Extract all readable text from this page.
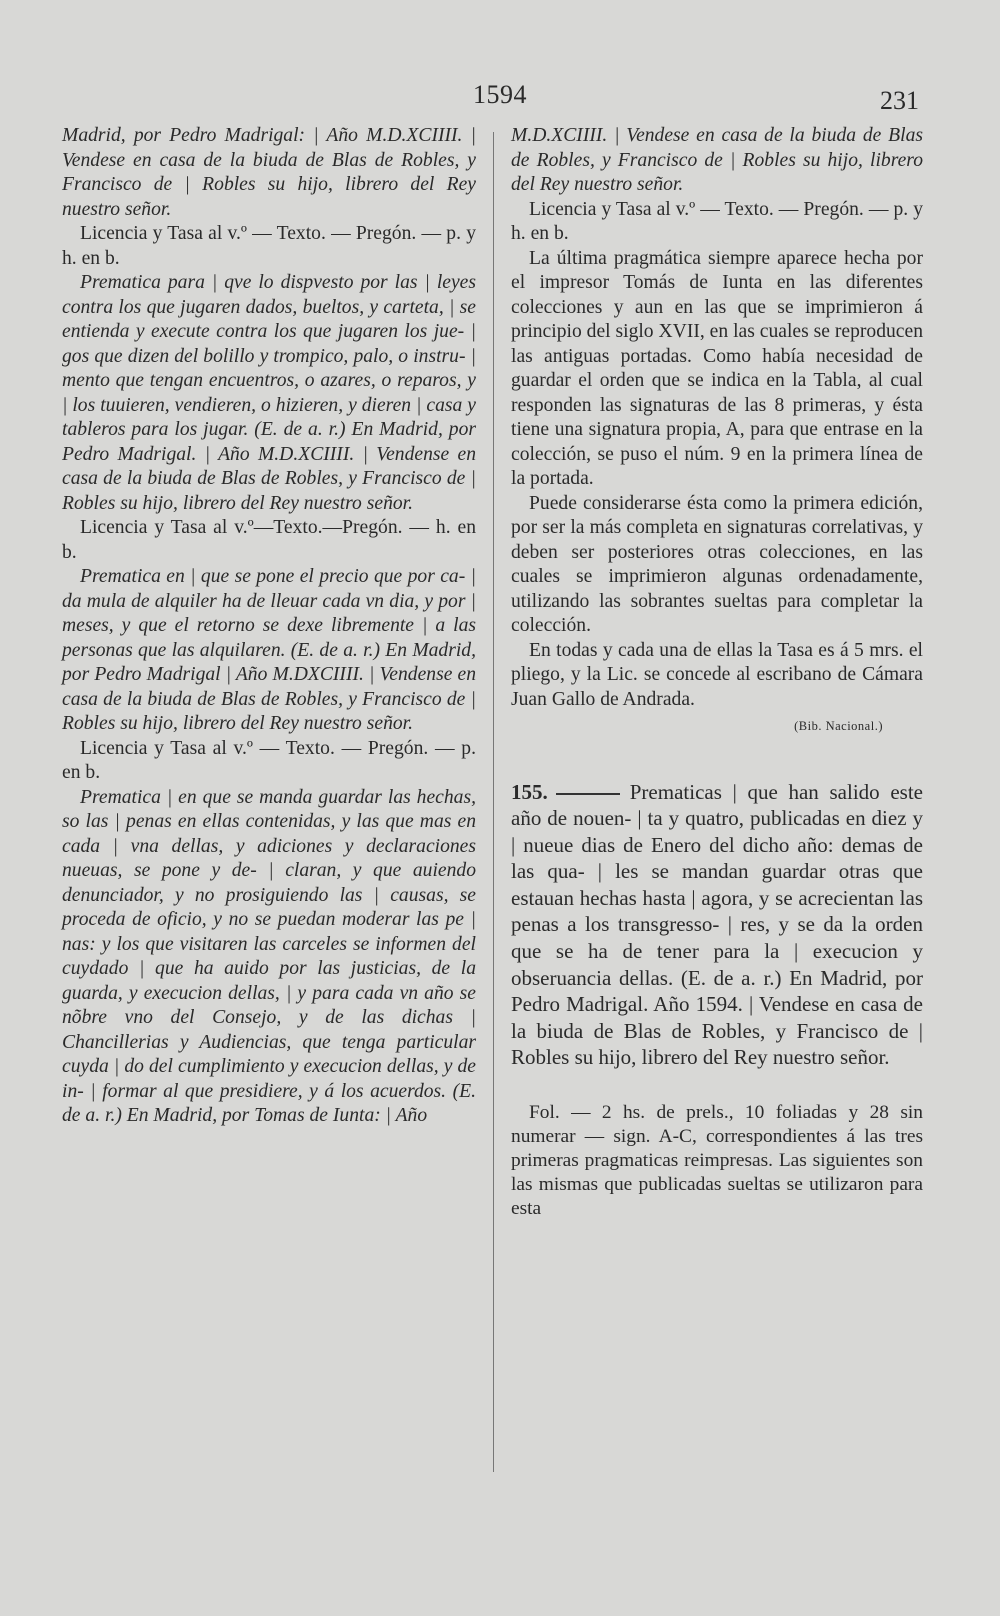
1594	231

Madrid, por Pedro Madrigal: | Año M.D.XCIIII. | Vendese en casa de la biuda de Blas de Robles, y Francisco de | Robles su hijo, librero del Rey nuestro señor.

Licencia y Tasa al v.º — Texto. — Pregón. — p. y h. en b.

Prematica para | qve lo dispvesto por las | leyes contra los que jugaren dados, bueltos, y carteta, | se entienda y execute contra los que jugaren los jue- | gos que dizen del bolillo y trompico, palo, o instru- | mento que tengan encuentros, o azares, o reparos, y | los tuuieren, vendieren, o hizieren, y dieren | casa y tableros para los jugar. (E. de a. r.) En Madrid, por Pedro Madrigal. | Año M.D.XCIIII. | Vendense en casa de la biuda de Blas de Robles, y Francisco de | Robles su hijo, librero del Rey nuestro señor.

Licencia y Tasa al v.º—Texto.—Pregón. — h. en b.

Prematica en | que se pone el precio que por ca- | da mula de alquiler ha de lleuar cada vn dia, y por | meses, y que el retorno se dexe libremente | a las personas que las alquilaren. (E. de a. r.) En Madrid, por Pedro Madrigal | Año M.DXCIIII. | Vendense en casa de la biuda de Blas de Robles, y Francisco de | Robles su hijo, librero del Rey nuestro señor.

Licencia y Tasa al v.º — Texto. — Pregón. — p. en b.

Prematica | en que se manda guardar las hechas, so las | penas en ellas contenidas, y las que mas en cada | vna dellas, y adiciones y declaraciones nueuas, se pone y de- | claran, y que auiendo denunciador, y no prosiguiendo las | causas, se proceda de oficio, y no se puedan moderar las pe | nas: y los que visitaren las carceles se informen del cuydado | que ha auido por las justicias, de la guarda, y execucion dellas, | y para cada vn año se nõbre vno del Consejo, y de las dichas | Chancillerias y Audiencias, que tenga particular cuyda | do del cumplimiento y execucion dellas, y de in- | formar al que presidiere, y á los acuerdos. (E. de a. r.) En Madrid, por Tomas de Iunta: | Año

M.D.XCIIII. | Vendese en casa de la biuda de Blas de Robles, y Francisco de | Robles su hijo, librero del Rey nuestro señor.

Licencia y Tasa al v.º — Texto. — Pregón. — p. y h. en b.

La última pragmática siempre aparece hecha por el impresor Tomás de Iunta en las diferentes colecciones y aun en las que se imprimieron á principio del siglo XVII, en las cuales se reproducen las antiguas portadas. Como había necesidad de guardar el orden que se indica en la Tabla, al cual responden las signaturas de las 8 primeras, y ésta tiene una signatura propia, A, para que entrase en la colección, se puso el núm. 9 en la primera línea de la portada.

Puede considerarse ésta como la primera edición, por ser la más completa en signaturas correlativas, y deben ser posteriores otras colecciones, en las cuales se imprimieron algunas ordenadamente, utilizando las sobrantes sueltas para completar la colección.

En todas y cada una de ellas la Tasa es á 5 mrs. el pliego, y la Lic. se concede al escribano de Cámara Juan Gallo de Andrada.

(Bib. Nacional.)

155.	Prematicas | que han salido este año de nouen- | ta y quatro, publicadas en diez y | nueue dias de Enero del dicho año: demas de las qua- | les se mandan guardar otras que estauan hechas hasta | agora, y se acrecientan las penas a los transgresso- | res, y se da la orden que se ha de tener para la | execucion y obseruancia dellas. (E. de a. r.) En Madrid, por Pedro Madrigal. Año 1594. | Vendese en casa de la biuda de Blas de Robles, y Francisco de | Robles su hijo, librero del Rey nuestro señor.

Fol. — 2 hs. de prels., 10 foliadas y 28 sin numerar — sign. A-C, correspondientes á las tres primeras pragmaticas reimpresas. Las siguientes son las mismas que publicadas sueltas se utilizaron para esta
